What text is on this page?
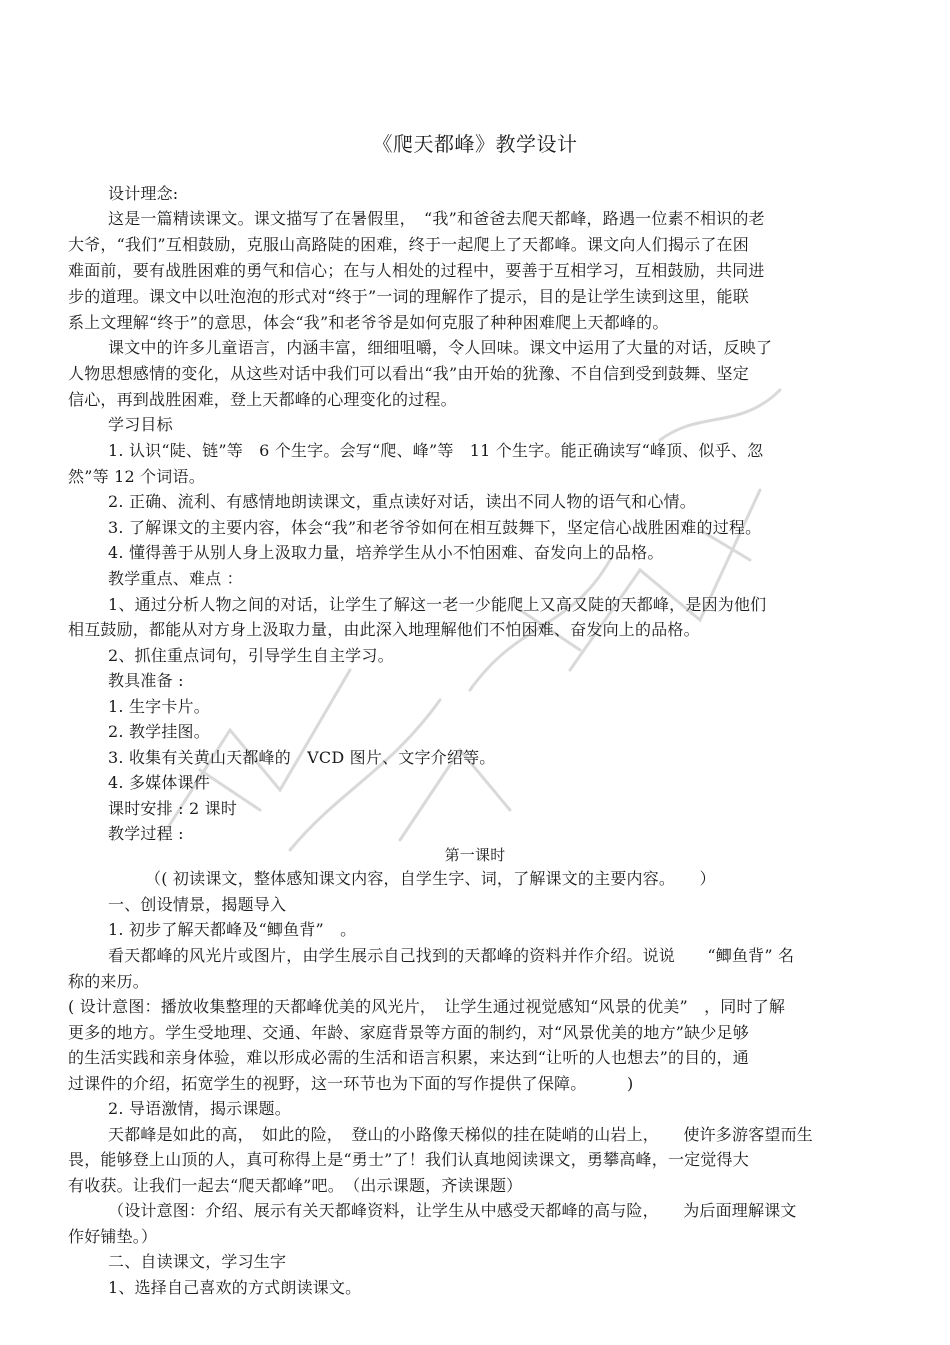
《爬天都峰》教学设计
设计理念:
这是一篇精读课文。课文描写了在暑假里，　“我”和爸爸去爬天都峰，路遇一位素不相识的老
大爷，“我们”互相鼓励，克服山高路陡的困难，终于一起爬上了天都峰。课文向人们揭示了在困
难面前，要有战胜困难的勇气和信心；在与人相处的过程中，要善于互相学习，互相鼓励，共同进
步的道理。课文中以吐泡泡的形式对“终于”一词的理解作了提示，目的是让学生读到这里，能联
系上文理解“终于”的意思，体会“我”和老爷爷是如何克服了种种困难爬上天都峰的。
课文中的许多儿童语言，内涵丰富，细细咀嚼，令人回味。课文中运用了大量的对话，反映了
人物思想感情的变化，从这些对话中我们可以看出“我”由开始的犹豫、不自信到受到鼓舞、坚定
信心，再到战胜困难，登上天都峰的心理变化的过程。
学习目标
1. 认识“陡、链”等　6 个生字。会写“爬、峰”等　11 个生字。能正确读写“峰顶、似乎、忽
然”等 12 个词语。
2. 正确、流利、有感情地朗读课文，重点读好对话，读出不同人物的语气和心情。
3. 了解课文的主要内容，体会“我”和老爷爷如何在相互鼓舞下，坚定信心战胜困难的过程。
4. 懂得善于从别人身上汲取力量，培养学生从小不怕困难、奋发向上的品格。
教学重点、难点 ：
1、通过分析人物之间的对话，让学生了解这一老一少能爬上又高又陡的天都峰，是因为他们
相互鼓励，都能从对方身上汲取力量，由此深入地理解他们不怕困难、奋发向上的品格。
2、抓住重点词句，引导学生自主学习。
教具准备 :
1. 生字卡片。
2. 教学挂图。
3. 收集有关黄山天都峰的　VCD 图片、文字介绍等。
4. 多媒体课件
课时安排 : 2 课时
教学过程 :
第一课时
（( 初读课文，整体感知课文内容，自学生字、词，了解课文的主要内容。　　）
一、创设情景，揭题导入
1. 初步了解天都峰及“鲫鱼背”　。
看天都峰的风光片或图片，由学生展示自己找到的天都峰的资料并作介绍。说说　　“鲫鱼背” 名
称的来历。
( 设计意图：播放收集整理的天都峰优美的风光片，　让学生通过视觉感知“风景的优美”　，同时了解
更多的地方。学生受地理、交通、年龄、家庭背景等方面的制约，对“风景优美的地方”缺少足够
的生活实践和亲身体验，难以形成必需的生活和语言积累，来达到“让听的人也想去”的目的，通
过课件的介绍，拓宽学生的视野，这一环节也为下面的写作提供了保障。　　　)
2. 导语激情，揭示课题。
天都峰是如此的高，　如此的险，　登山的小路像天梯似的挂在陡峭的山岩上，　　使许多游客望而生
畏，能够登上山顶的人，真可称得上是“勇士”了！我们认真地阅读课文，勇攀高峰，一定觉得大
有收获。让我们一起去“爬天都峰”吧。　（出示课题，齐读课题）
（设计意图：介绍、展示有关天都峰资料，让学生从中感受天都峰的高与险，　　为后面理解课文
作好铺垫。）
二、自读课文，学习生字
1、选择自己喜欢的方式朗读课文。
